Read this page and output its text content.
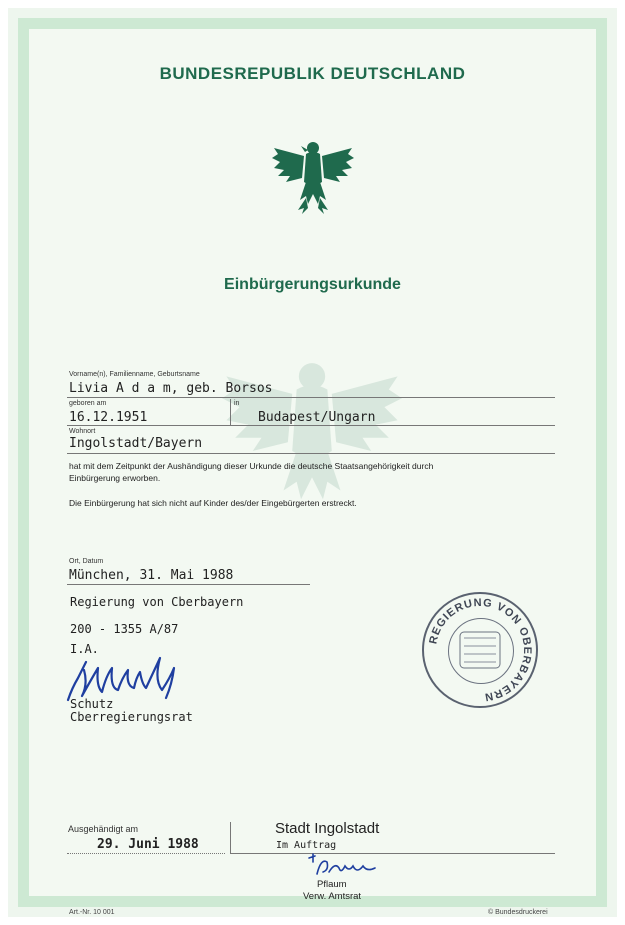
BUNDESREPUBLIK DEUTSCHLAND
Einbürgerungsurkunde
Vorname(n), Familienname, Geburtsname
Livia A d a m, geb. Borsos
geboren am
16.12.1951
in
Budapest/Ungarn
Wohnort
Ingolstadt/Bayern
hat mit dem Zeitpunkt der Aushändigung dieser Urkunde die deutsche Staatsangehörigkeit durch
Einbürgerung erworben.
Die Einbürgerung hat sich nicht auf Kinder des/der Eingebürgerten erstreckt.
Ort, Datum
München, 31. Mai 1988
Regierung von Cberbayern
200 - 1355 A/87
I.A.
Schutz
Cberregierungsrat
REGIERUNG VON OBERBAYERN
Ausgehändigt am
29. Juni 1988
Stadt Ingolstadt
Im Auftrag
Pflaum
Verw. Amtsrat
Art.-Nr. 10 001	© Bundesdruckerei
